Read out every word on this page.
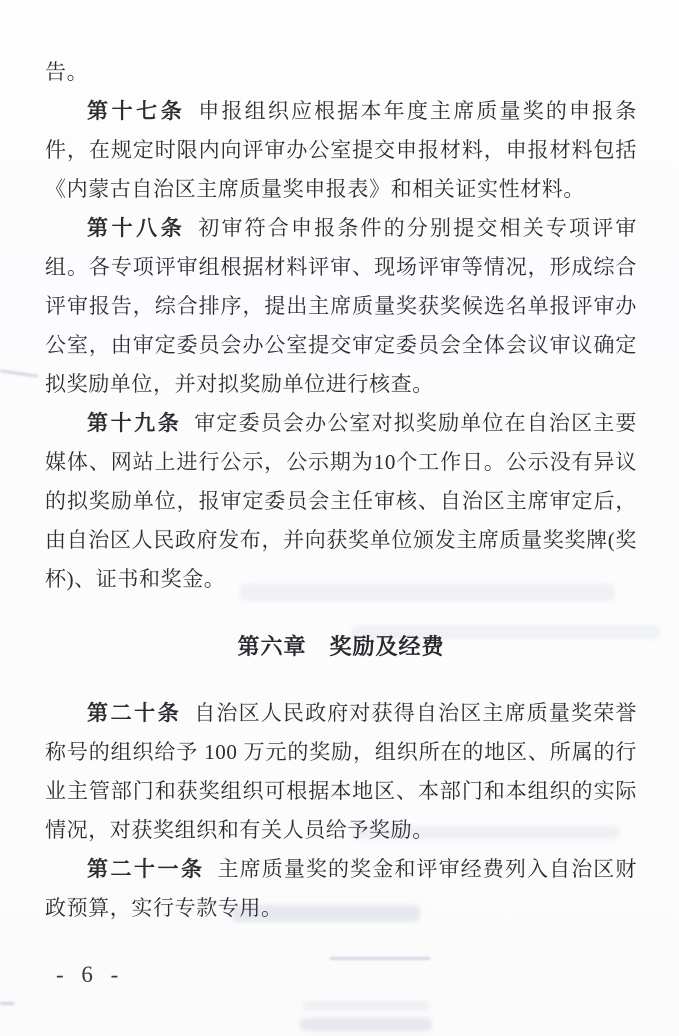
告。

第十七条 申报组织应根据本年度主席质量奖的申报条件，在规定时限内向评审办公室提交申报材料，申报材料包括《内蒙古自治区主席质量奖申报表》和相关证实性材料。

第十八条 初审符合申报条件的分别提交相关专项评审组。各专项评审组根据材料评审、现场评审等情况，形成综合评审报告，综合排序，提出主席质量奖获奖候选名单报评审办公室，由审定委员会办公室提交审定委员会全体会议审议确定拟奖励单位，并对拟奖励单位进行核查。

第十九条 审定委员会办公室对拟奖励单位在自治区主要媒体、网站上进行公示，公示期为10个工作日。公示没有异议的拟奖励单位，报审定委员会主任审核、自治区主席审定后，由自治区人民政府发布，并向获奖单位颁发主席质量奖奖牌(奖杯)、证书和奖金。

第六章　奖励及经费

第二十条 自治区人民政府对获得自治区主席质量奖荣誉称号的组织给予 100 万元的奖励，组织所在的地区、所属的行业主管部门和获奖组织可根据本地区、本部门和本组织的实际情况，对获奖组织和有关人员给予奖励。

第二十一条 主席质量奖的奖金和评审经费列入自治区财政预算，实行专款专用。

- 6 -
